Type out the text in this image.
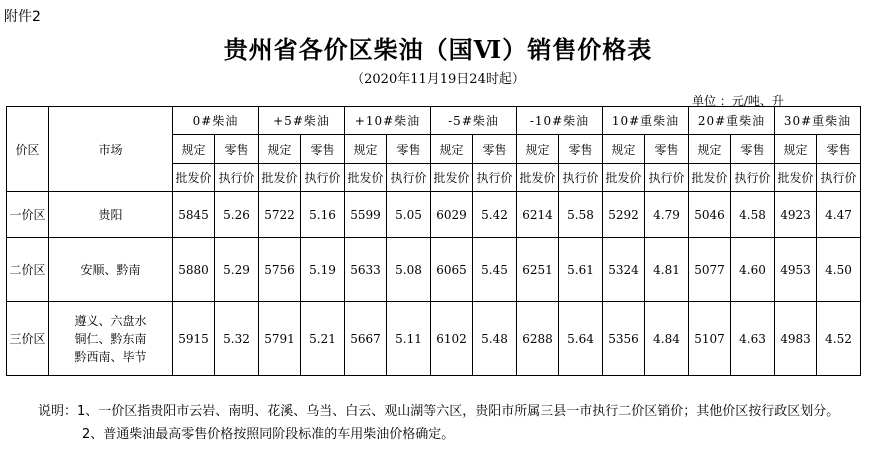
附件2
贵州省各价区柴油（国Ⅵ）销售价格表
（2020年11月19日24时起）
单位 ：元/吨、升
价区	市场	0#柴油		+5#柴油		+10#柴油		-5#柴油		-10#柴油		10#重柴油		20#重柴油		30#重柴油	
		规定	零售	规定	零售	规定	零售	规定	零售	规定	零售	规定	零售	规定	零售	规定	零售
		批发价	执行价	批发价	执行价	批发价	执行价	批发价	执行价	批发价	执行价	批发价	执行价	批发价	执行价	批发价	执行价
一价区	贵阳	5845	5.26	5722	5.16	5599	5.05	6029	5.42	6214	5.58	5292	4.79	5046	4.58	4923	4.47
二价区	安顺、黔南	5880	5.29	5756	5.19	5633	5.08	6065	5.45	6251	5.61	5324	4.81	5077	4.60	4953	4.50
三价区	遵义、六盘水
铜仁、黔东南
黔西南、毕节	5915	5.32	5791	5.21	5667	5.11	6102	5.48	6288	5.64	5356	4.84	5107	4.63	4983	4.52
说明：1、一价区指贵阳市云岩、南明、花溪、乌当、白云、观山湖等六区，贵阳市所属三县一市执行二价区销价；其他价区按行政区划分。
2、普通柴油最高零售价格按照同阶段标准的车用柴油价格确定。
